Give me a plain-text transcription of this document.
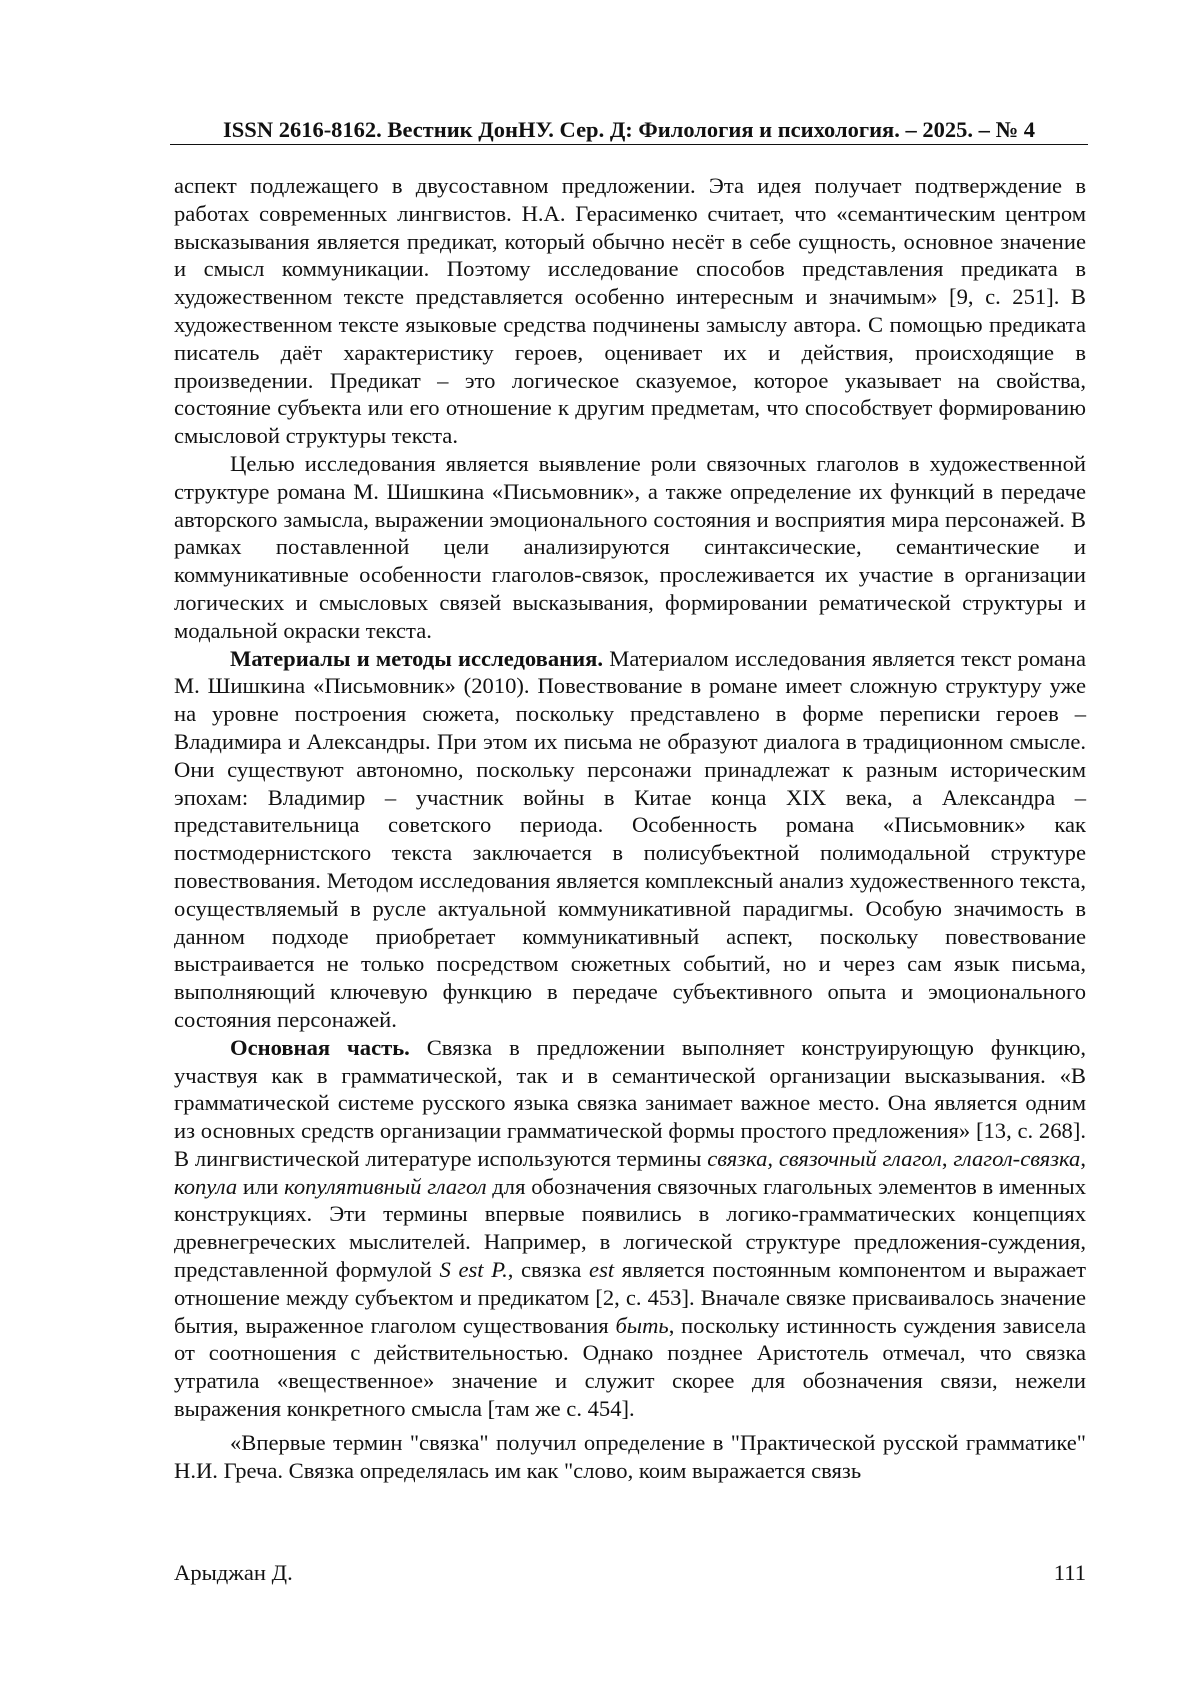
ISSN 2616-8162. Вестник ДонНУ. Сер. Д: Филология и психология. – 2025. – № 4

аспект подлежащего в двусоставном предложении. Эта идея получает подтверждение в работах современных лингвистов. Н.А. Герасименко считает, что «семантическим центром высказывания является предикат, который обычно несёт в себе сущность, основное значение и смысл коммуникации. Поэтому исследование способов представления предиката в художественном тексте представляется особенно интересным и значимым» [9, с. 251]. В художественном тексте языковые средства подчинены замыслу автора. С помощью предиката писатель даёт характеристику героев, оценивает их и действия, происходящие в произведении. Предикат – это логическое сказуемое, которое указывает на свойства, состояние субъекта или его отношение к другим предметам, что способствует формированию смысловой структуры текста.

Целью исследования является выявление роли связочных глаголов в художественной структуре романа М. Шишкина «Письмовник», а также определение их функций в передаче авторского замысла, выражении эмоционального состояния и восприятия мира персонажей. В рамках поставленной цели анализируются синтаксические, семантические и коммуникативные особенности глаголов-связок, прослеживается их участие в организации логических и смысловых связей высказывания, формировании рематической структуры и модальной окраски текста.

Материалы и методы исследования. Материалом исследования является текст романа М. Шишкина «Письмовник» (2010). Повествование в романе имеет сложную структуру уже на уровне построения сюжета, поскольку представлено в форме переписки героев – Владимира и Александры. При этом их письма не образуют диалога в традиционном смысле. Они существуют автономно, поскольку персонажи принадлежат к разным историческим эпохам: Владимир – участник войны в Китае конца XIX века, а Александра – представительница советского периода. Особенность романа «Письмовник» как постмодернистского текста заключается в полисубъектной полимодальной структуре повествования. Методом исследования является комплексный анализ художественного текста, осуществляемый в русле актуальной коммуникативной парадигмы. Особую значимость в данном подходе приобретает коммуникативный аспект, поскольку повествование выстраивается не только посредством сюжетных событий, но и через сам язык письма, выполняющий ключевую функцию в передаче субъективного опыта и эмоционального состояния персонажей.

Основная часть. Связка в предложении выполняет конструирующую функцию, участвуя как в грамматической, так и в семантической организации высказывания. «В грамматической системе русского языка связка занимает важное место. Она является одним из основных средств организации грамматической формы простого предложения» [13, с. 268]. В лингвистической литературе используются термины связка, связочный глагол, глагол-связка, копула или копулятивный глагол для обозначения связочных глагольных элементов в именных конструкциях. Эти термины впервые появились в логико-грамматических концепциях древнегреческих мыслителей. Например, в логической структуре предложения-суждения, представленной формулой S est P., связка est является постоянным компонентом и выражает отношение между субъектом и предикатом [2, с. 453]. Вначале связке присваивалось значение бытия, выраженное глаголом существования быть, поскольку истинность суждения зависела от соотношения с действительностью. Однако позднее Аристотель отмечал, что связка утратила «вещественное» значение и служит скорее для обозначения связи, нежели выражения конкретного смысла [там же с. 454].

«Впервые термин "связка" получил определение в "Практической русской грамматике" Н.И. Греча. Связка определялась им как "слово, коим выражается связь

Арыджан Д.	111
